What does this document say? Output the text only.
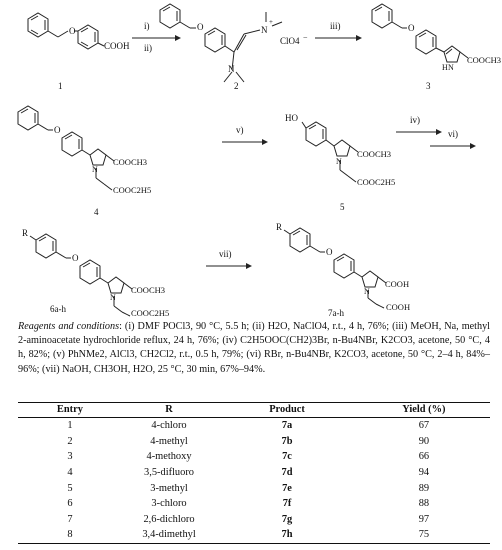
O
COOH
1
i)
ii)
O	N
+
N
ClO4 −
2
iii)	O
H N
COOCH3
3
iv)
O
N
COOCH3
COOC2H5
4
v)
HO
N
COOCH3
COOC2H5
5
vi)
R
O
N
COOCH3
COOC2H5
6a-h
vii)
R
O
N
COOH
COOH
7a-h
Reagents and conditions: (i) DMF POCl3, 90 °C, 5.5 h; (ii) H2O, NaClO4, r.t., 4 h, 76%; (iii) MeOH, Na, methyl 2-aminoacetate hydrochloride reflux, 24 h, 76%; (iv) C2H5OOC(CH2)3Br, n-Bu4NBr, K2CO3, acetone, 50 °C, 4 h, 82%; (v) PhNMe2, AlCl3, CH2Cl2, r.t., 0.5 h, 79%; (vi) RBr, n-Bu4NBr, K2CO3, acetone, 50 °C, 2–4 h, 84%–96%; (vii) NaOH, CH3OH, H2O, 25 °C, 30 min, 67%–94%.
Entry	R	Product	Yield (%)
1	4-chloro	7a	67
2	4-methyl	7b	90
3	4-methoxy	7c	66
4	3,5-difluoro	7d	94
5	3-methyl	7e	89
6	3-chloro	7f	88
7	2,6-dichloro	7g	97
8	3,4-dimethyl	7h	75
